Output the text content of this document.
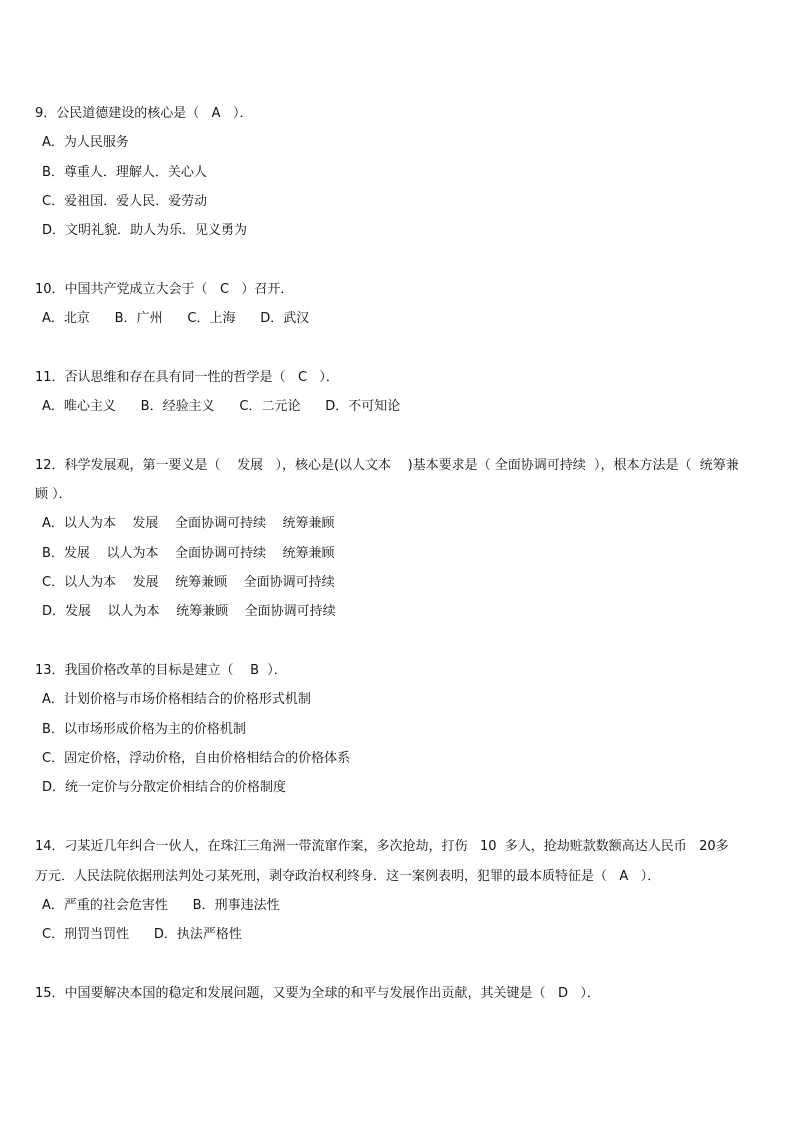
9．公民道德建设的核心是（   A   ）．
A．为人民服务
B．尊重人．理解人．关心人
C．爱祖国．爱人民．爱劳动
D．文明礼貌．助人为乐．见义勇为
10．中国共产党成立大会于（   C   ）召开．
A．北京      B．广州      C．上海      D．武汉
11．否认思维和存在具有同一性的哲学是（   C   ）．
A．唯心主义      B．经验主义      C．二元论      D．不可知论
12．科学发展观，第一要义是（    发展   ），核心是(以人文本    )基本要求是（ 全面协调可持续  ），根本方法是（  统筹兼
顾 ）．
A．以人为本    发展    全面协调可持续    统筹兼顾
B．发展    以人为本    全面协调可持续    统筹兼顾
C．以人为本    发展    统筹兼顾    全面协调可持续
D．发展    以人为本    统筹兼顾    全面协调可持续
13．我国价格改革的目标是建立（    B  ）．
A．计划价格与市场价格相结合的价格形式机制
B．以市场形成价格为主的价格机制
C．固定价格，浮动价格，自由价格相结合的价格体系
D．统一定价与分散定价相结合的价格制度
14．刁某近几年纠合一伙人，在珠江三角洲一带流窜作案，多次抢劫，打伤   10  多人，抢劫赃款数额高达人民币   20多
万元．人民法院依据刑法判处刁某死刑，剥夺政治权利终身．这一案例表明，犯罪的最本质特征是（   A   ）．
A．严重的社会危害性      B．刑事违法性
C．刑罚当罚性      D．执法严格性
15．中国要解决本国的稳定和发展问题，又要为全球的和平与发展作出贡献，其关键是（   D   ）．
